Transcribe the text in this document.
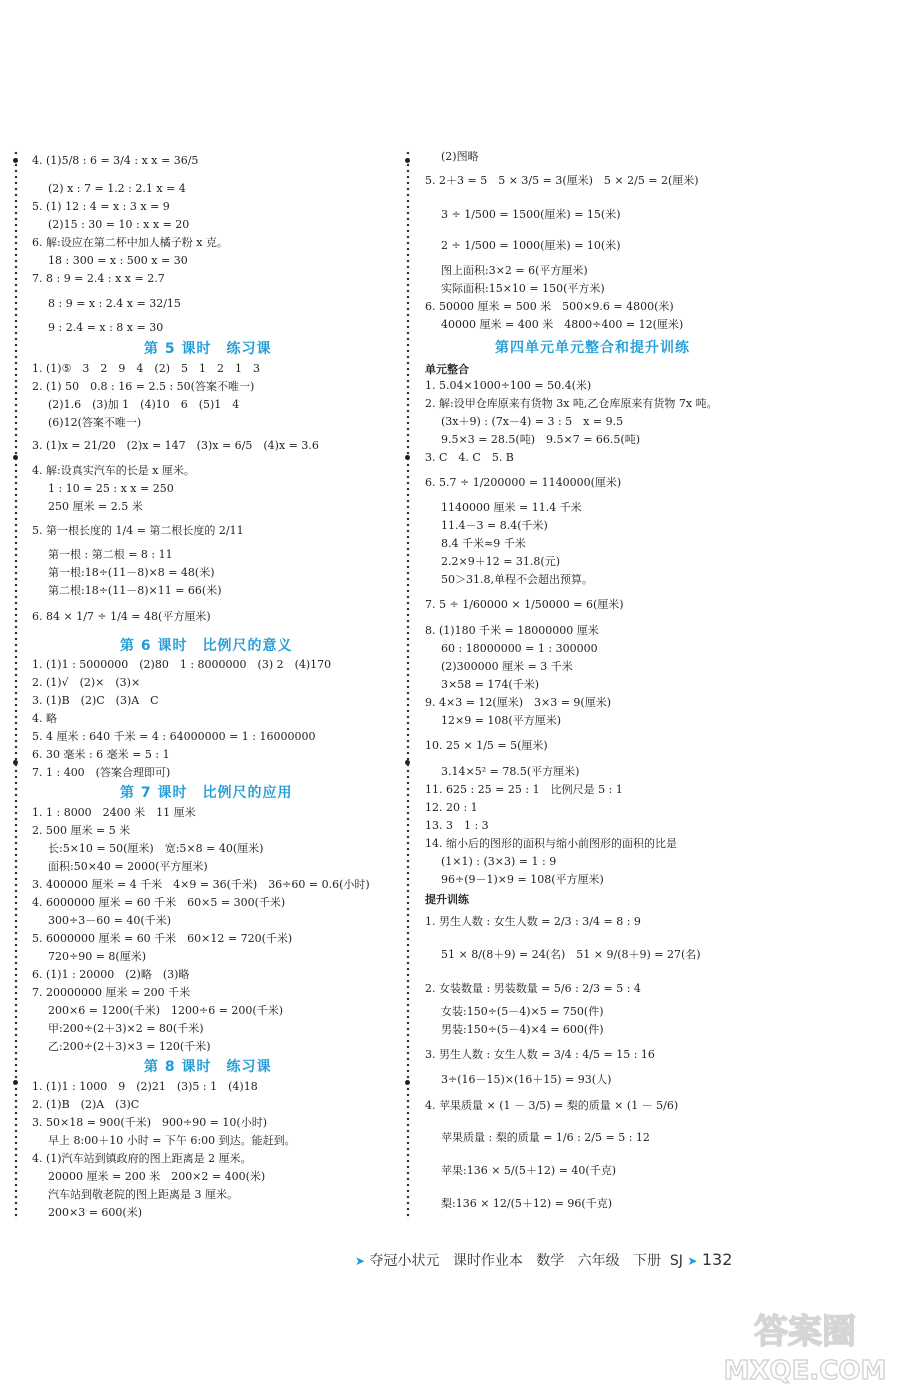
4. (1)5/8 : 6 = 3/4 : x x = 36/5
(2) x : 7 = 1.2 : 2.1 x = 4
5. (1) 12 : 4 = x : 3 x = 9
(2)15 : 30 = 10 : x x = 20
6. 解:设应在第二杯中加人橘子粉 x 克。
18 : 300 = x : 500 x = 30
7. 8 : 9 = 2.4 : x x = 2.7
8 : 9 = x : 2.4 x = 32/15
9 : 2.4 = x : 8 x = 30
第 5 课时　练习课
1. (1)⑤　3　2　9　4　(2)　5　1　2　1　3
2. (1) 50　0.8 : 16 = 2.5 : 50(答案不唯一)
(2)1.6　(3)加 1　(4)10　6　(5)1　4
(6)12(答案不唯一)
3. (1)x = 21/20　(2)x = 147　(3)x = 6/5　(4)x = 3.6
4. 解:设真实汽车的长是 x 厘米。
1 : 10 = 25 : x x = 250
250 厘米 = 2.5 米
5. 第一根长度的 1/4 = 第二根长度的 2/11
第一根 : 第二根 = 8 : 11
第一根:18÷(11－8)×8 = 48(米)
第二根:18÷(11－8)×11 = 66(米)
6. 84 × 1/7 ÷ 1/4 = 48(平方厘米)
第 6 课时　比例尺的意义
1. (1)1 : 5000000　(2)80　1 : 8000000　(3) 2　(4)170
2. (1)√　(2)×　(3)×
3. (1)B　(2)C　(3)A　C
4. 略
5. 4 厘米 : 640 千米 = 4 : 64000000 = 1 : 16000000
6. 30 毫米 : 6 毫米 = 5 : 1
7. 1 : 400　(答案合理即可)
第 7 课时　比例尺的应用
1. 1 : 8000　2400 米　11 厘米
2. 500 厘米 = 5 米
长:5×10 = 50(厘米)　宽:5×8 = 40(厘米)
面积:50×40 = 2000(平方厘米)
3. 400000 厘米 = 4 千米　4×9 = 36(千米)　36÷60 = 0.6(小时)
4. 6000000 厘米 = 60 千米　60×5 = 300(千米)
300÷3－60 = 40(千米)
5. 6000000 厘米 = 60 千米　60×12 = 720(千米)
720÷90 = 8(厘米)
6. (1)1 : 20000　(2)略　(3)略
7. 20000000 厘米 = 200 千米
200×6 = 1200(千米)　1200÷6 = 200(千米)
甲:200÷(2＋3)×2 = 80(千米)
乙:200÷(2＋3)×3 = 120(千米)
第 8 课时　练习课
1. (1)1 : 1000　9　(2)21　(3)5 : 1　(4)18
2. (1)B　(2)A　(3)C
3. 50×18 = 900(千米)　900÷90 = 10(小时)
早上 8:00＋10 小时 = 下午 6:00 到达。能赶到。
4. (1)汽车站到镇政府的图上距离是 2 厘米。
20000 厘米 = 200 米　200×2 = 400(米)
汽车站到敬老院的图上距离是 3 厘米。
200×3 = 600(米)
(2)图略
5. 2＋3 = 5　5 × 3/5 = 3(厘米)　5 × 2/5 = 2(厘米)
3 ÷ 1/500 = 1500(厘米) = 15(米)
2 ÷ 1/500 = 1000(厘米) = 10(米)
图上面积:3×2 = 6(平方厘米)
实际面积:15×10 = 150(平方米)
6. 50000 厘米 = 500 米　500×9.6 = 4800(米)
40000 厘米 = 400 米　4800÷400 = 12(厘米)
第四单元单元整合和提升训练
单元整合
1. 5.04×1000÷100 = 50.4(米)
2. 解:设甲仓库原来有货物 3x 吨,乙仓库原来有货物 7x 吨。
(3x＋9) : (7x－4) = 3 : 5　x = 9.5
9.5×3 = 28.5(吨)　9.5×7 = 66.5(吨)
3. C　4. C　5. B
6. 5.7 ÷ 1/200000 = 1140000(厘米)
1140000 厘米 = 11.4 千米
11.4－3 = 8.4(千米)
8.4 千米≈9 千米
2.2×9＋12 = 31.8(元)
50＞31.8,单程不会超出预算。
7. 5 ÷ 1/60000 × 1/50000 = 6(厘米)
8. (1)180 千米 = 18000000 厘米
60 : 18000000 = 1 : 300000
(2)300000 厘米 = 3 千米
3×58 = 174(千米)
9. 4×3 = 12(厘米)　3×3 = 9(厘米)
12×9 = 108(平方厘米)
10. 25 × 1/5 = 5(厘米)
3.14×5² = 78.5(平方厘米)
11. 625 : 25 = 25 : 1　比例尺是 5 : 1
12. 20 : 1
13. 3　1 : 3
14. 缩小后的图形的面积与缩小前图形的面积的比是
(1×1) : (3×3) = 1 : 9
96÷(9－1)×9 = 108(平方厘米)
提升训练
1. 男生人数 : 女生人数 = 2/3 : 3/4 = 8 : 9
51 × 8/(8＋9) = 24(名)　51 × 9/(8＋9) = 27(名)
2. 女装数量 : 男装数量 = 5/6 : 2/3 = 5 : 4
女装:150÷(5－4)×5 = 750(件)
男装:150÷(5－4)×4 = 600(件)
3. 男生人数 : 女生人数 = 3/4 : 4/5 = 15 : 16
3÷(16－15)×(16＋15) = 93(人)
4. 苹果质量 × (1 － 3/5) = 梨的质量 × (1 － 5/6)
苹果质量 : 梨的质量 = 1/6 : 2/5 = 5 : 12
苹果:136 × 5/(5＋12) = 40(千克)
梨:136 × 12/(5＋12) = 96(千克)
➤ 夺冠小状元 课时作业本 数学 六年级 下册 SJ ➤ 132
答案圈
MXQE.COM
